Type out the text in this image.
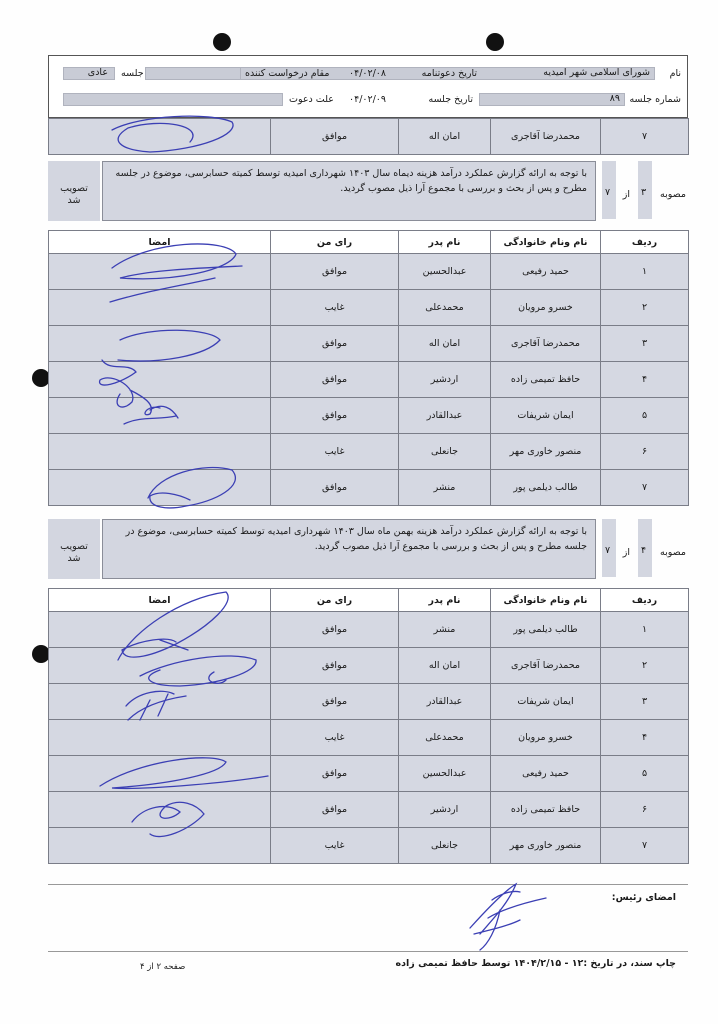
نام
شورای اسلامی شهر امیدیه
تاریخ دعوتنامه
۰۴/۰۲/۰۸
مقام درخواست کننده
جلسه
عادی
شماره جلسه
۸۹
تاریخ جلسه
۰۴/۰۲/۰۹
علت دعوت
	موافق	امان اله	محمدرضا آقاجری	۷
مصوبه
۳
از
۷
با توجه به ارائه گزارش عملکرد درآمد هزینه دیماه سال ۱۴۰۳ شهرداری امیدیه توسط کمیته حسابرسی، موضوع در جلسه مطرح و پس از بحث و بررسی با مجموع آرا ذیل مصوب گردید.
تصویب شد
امضا	رای من	نام پدر	نام ونام خانوادگی	ردیف
	موافق	عبدالحسین	حمید رفیعی	۱
	غایب	محمدعلی	خسرو مرویان	۲
	موافق	امان اله	محمدرضا آقاجری	۳
	موافق	اردشیر	حافظ تمیمی زاده	۴
	موافق	عبدالقادر	ایمان شریفات	۵
	غایب	جانعلی	منصور خاوری مهر	۶
	موافق	منشر	طالب دیلمی پور	۷
مصوبه
۴
از
۷
با توجه به ارائه گزارش عملکرد درآمد هزینه بهمن ماه سال ۱۴۰۳ شهرداری امیدیه توسط کمیته حسابرسی، موضوع در جلسه مطرح و پس از بحث و بررسی با مجموع آرا ذیل مصوب گردید.
تصویب شد
امضا	رای من	نام پدر	نام ونام خانوادگی	ردیف
	موافق	منشر	طالب دیلمی پور	۱
	موافق	امان اله	محمدرضا آقاجری	۲
	موافق	عبدالقادر	ایمان شریفات	۳
	غایب	محمدعلی	خسرو مرویان	۴
	موافق	عبدالحسین	حمید رفیعی	۵
	موافق	اردشیر	حافظ تمیمی زاده	۶
	غایب	جانعلی	منصور خاوری مهر	۷
امضای رئیس:
چاپ سند، در تاریخ :۱۲ - ۱۴۰۴/۲/۱۵ توسط حافظ تمیمی زاده
صفحه ۲ از ۴
